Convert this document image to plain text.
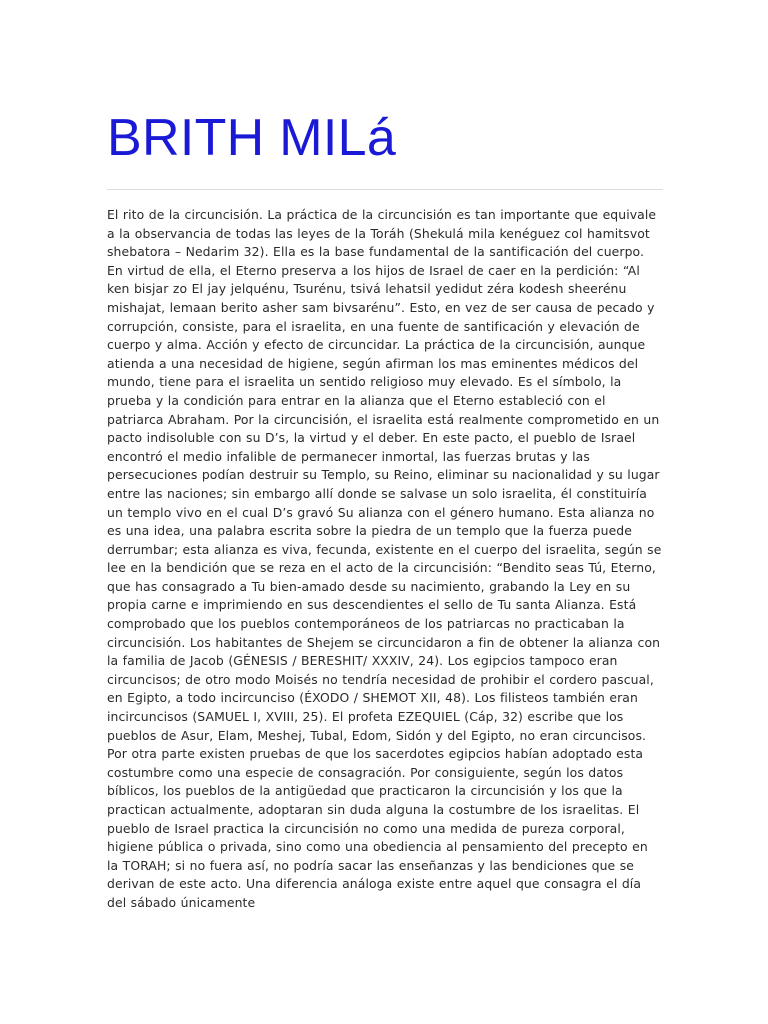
BRITH MILá

El rito de la circuncisión. La práctica de la circuncisión es tan importante que equivale a la observancia de todas las leyes de la Toráh (Shekulá mila kenéguez col hamitsvot shebatora – Nedarim 32). Ella es la base fundamental de la santificación del cuerpo. En virtud de ella, el Eterno preserva a los hijos de Israel de caer en la perdición: “Al ken bisjar zo El jay jelquénu, Tsurénu, tsivá lehatsil yedidut zéra kodesh sheerénu mishajat, lemaan berito asher sam bivsarénu”. Esto, en vez de ser causa de pecado y corrupción, consiste, para el israelita, en una fuente de santificación y elevación de cuerpo y alma. Acción y efecto de circuncidar. La práctica de la circuncisión, aunque atienda a una necesidad de higiene, según afirman los mas eminentes médicos del mundo, tiene para el israelita un sentido religioso muy elevado. Es el símbolo, la prueba y la condición para entrar en la alianza que el Eterno estableció con el patriarca Abraham. Por la circuncisión, el israelita está realmente comprometido en un pacto indisoluble con su D’s, la virtud y el deber. En este pacto, el pueblo de Israel encontró el medio infalible de permanecer inmortal, las fuerzas brutas y las persecuciones podían destruir su Templo, su Reino, eliminar su nacionalidad y su lugar entre las naciones; sin embargo allí donde se salvase un solo israelita, él constituiría un templo vivo en el cual D’s gravó Su alianza con el género humano. Esta alianza no es una idea, una palabra escrita sobre la piedra de un templo que la fuerza puede derrumbar; esta alianza es viva, fecunda, existente en el cuerpo del israelita, según se lee en la bendición que se reza en el acto de la circuncisión: “Bendito seas Tú, Eterno, que has consagrado a Tu bien-amado desde su nacimiento, grabando la Ley en su propia carne e imprimiendo en sus descendientes el sello de Tu santa Alianza. Está comprobado que los pueblos contemporáneos de los patriarcas no practicaban la circuncisión. Los habitantes de Shejem se circuncidaron a fin de obtener la alianza con la familia de Jacob (GÉNESIS / BERESHIT/ XXXIV, 24). Los egipcios tampoco eran circuncisos; de otro modo Moisés no tendría necesidad de prohibir el cordero pascual, en Egipto, a todo incircunciso (ÉXODO / SHEMOT XII, 48). Los filisteos también eran incircuncisos (SAMUEL I, XVIII, 25). El profeta EZEQUIEL (Cáp, 32) escribe que los pueblos de Asur, Elam, Meshej, Tubal, Edom, Sidón y del Egipto, no eran circuncisos. Por otra parte existen pruebas de que los sacerdotes egipcios habían adoptado esta costumbre como una especie de consagración. Por consiguiente, según los datos bíblicos, los pueblos de la antigüedad que practicaron la circuncisión y los que la practican actualmente, adoptaran sin duda alguna la costumbre de los israelitas. El pueblo de Israel practica la circuncisión no como una medida de pureza corporal, higiene pública o privada, sino como una obediencia al pensamiento del precepto en la TORAH; si no fuera así, no podría sacar las enseñanzas y las bendiciones que se derivan de este acto. Una diferencia análoga existe entre aquel que consagra el día del sábado únicamente
